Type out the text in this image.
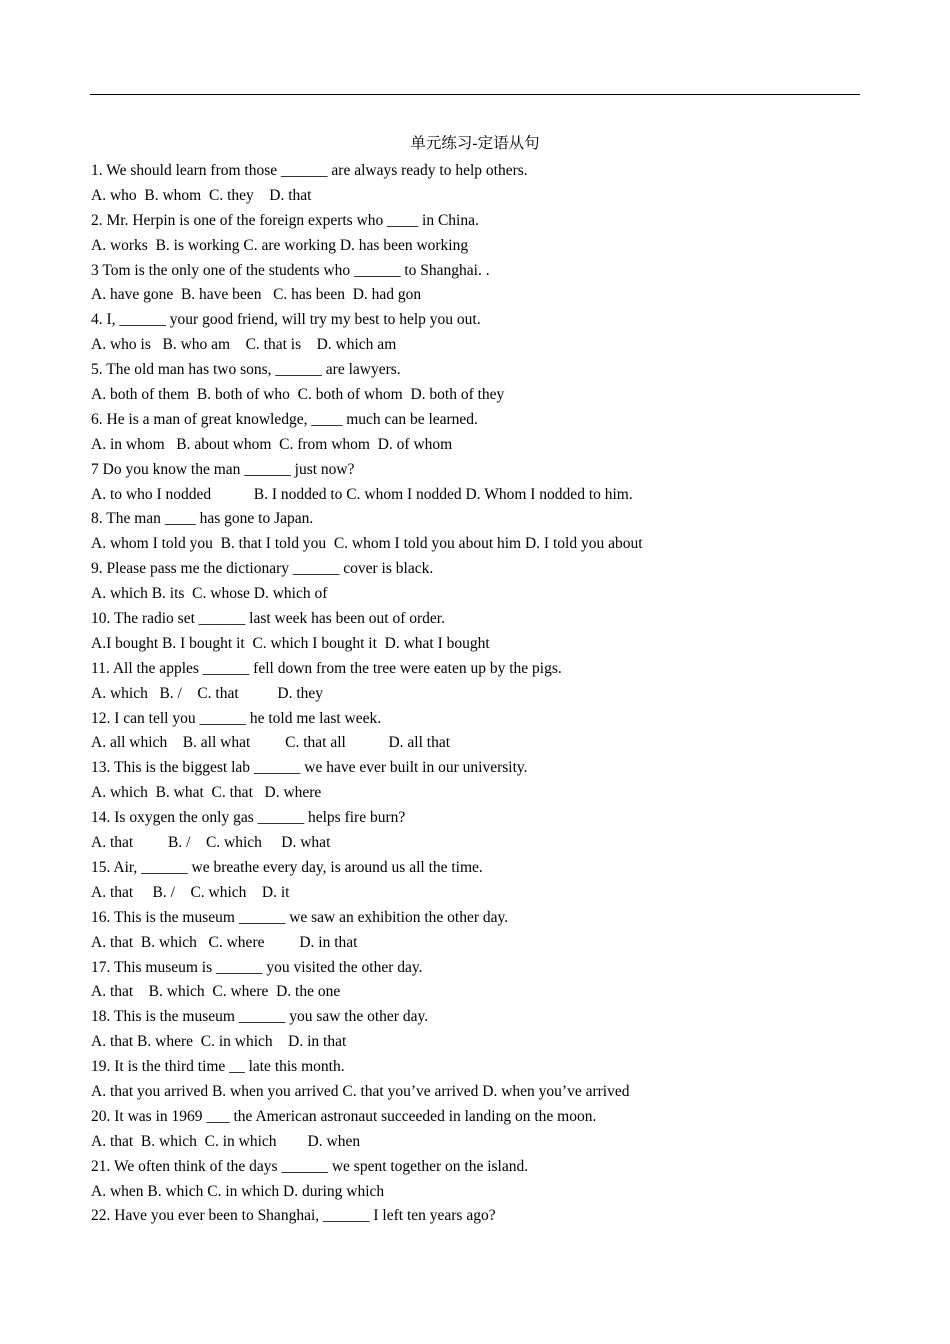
单元练习-定语从句
1. We should learn from those ______ are always ready to help others.
A. who  B. whom  C. they    D. that
2. Mr. Herpin is one of the foreign experts who ____ in China.
A. works  B. is working C. are working D. has been working
3 Tom is the only one of the students who ______ to Shanghai. .
A. have gone  B. have been   C. has been  D. had gon
4. I, ______ your good friend, will try my best to help you out.
A. who is   B. who am    C. that is    D. which am
5. The old man has two sons, ______ are lawyers.
A. both of them  B. both of who  C. both of whom  D. both of they
6. He is a man of great knowledge, ____ much can be learned.
A. in whom   B. about whom  C. from whom  D. of whom
7 Do you know the man ______ just now?
A. to who I nodded           B. I nodded to C. whom I nodded D. Whom I nodded to him.
8. The man ____ has gone to Japan.
A. whom I told you  B. that I told you  C. whom I told you about him D. I told you about
9. Please pass me the dictionary ______ cover is black.
A. which B. its  C. whose D. which of
10. The radio set ______ last week has been out of order.
A.I bought B. I bought it  C. which I bought it  D. what I bought
11. All the apples ______ fell down from the tree were eaten up by the pigs.
A. which   B. /    C. that          D. they
12. I can tell you ______ he told me last week.
A. all which    B. all what         C. that all           D. all that
13. This is the biggest lab ______ we have ever built in our university.
A. which  B. what  C. that   D. where
14. Is oxygen the only gas ______ helps fire burn?
A. that         B. /    C. which     D. what
15. Air, ______ we breathe every day, is around us all the time.
A. that     B. /    C. which    D. it
16. This is the museum ______ we saw an exhibition the other day.
A. that  B. which   C. where         D. in that
17. This museum is ______ you visited the other day.
A. that    B. which  C. where  D. the one
18. This is the museum ______ you saw the other day.
A. that B. where  C. in which    D. in that
19. It is the third time __ late this month.
A. that you arrived B. when you arrived C. that you’ve arrived D. when you’ve arrived
20. It was in 1969 ___ the American astronaut succeeded in landing on the moon.
A. that  B. which  C. in which        D. when
21. We often think of the days ______ we spent together on the island.
A. when B. which C. in which D. during which
22. Have you ever been to Shanghai, ______ I left ten years ago?
